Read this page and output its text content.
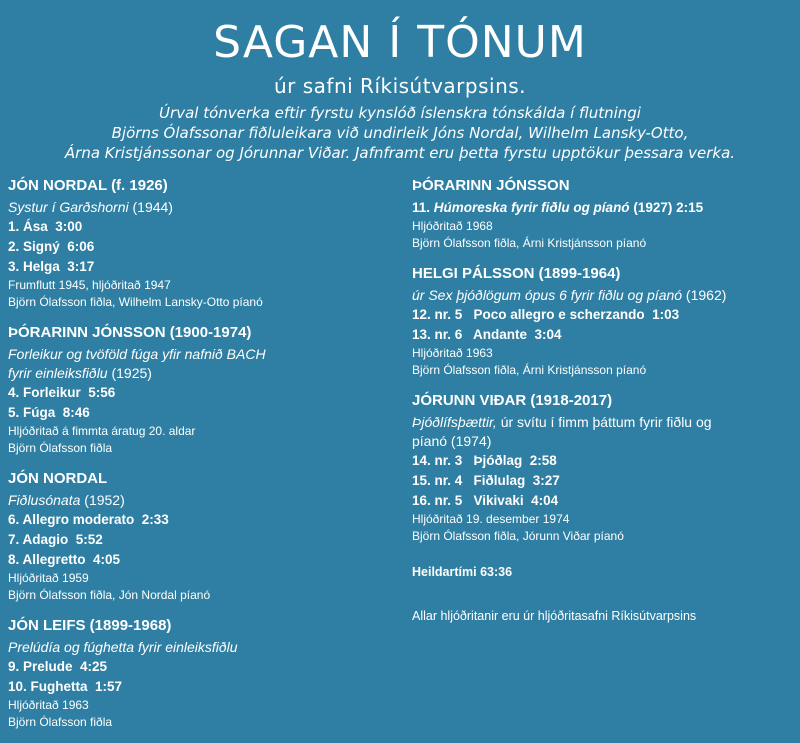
SAGAN Í TÓNUM
úr safni Ríkisútvarpsins.
Úrval tónverka eftir fyrstu kynslóð íslenskra tónskálda í flutningi
Björns Ólafssonar fiðluleikara við undirleik Jóns Nordal, Wilhelm Lansky-Otto,
Árna Kristjánssonar og Jórunnar Viðar. Jafnframt eru þetta fyrstu upptökur þessara verka.
JÓN NORDAL (f. 1926)
Systur í Garðshorni (1944)
1. Ása  3:00
2. Signý  6:06
3. Helga  3:17
Frumflutt 1945, hljóðritað 1947
Björn Ólafsson fiðla, Wilhelm Lansky-Otto píanó
ÞÓRARINN JÓNSSON (1900-1974)
Forleikur og tvöföld fúga yfir nafnið BACH
fyrir einleiksfiðlu (1925)
4. Forleikur  5:56
5. Fúga  8:46
Hljóðritað á fimmta áratug 20. aldar
Björn Ólafsson fiðla
JÓN NORDAL
Fiðlusónata (1952)
6. Allegro moderato  2:33
7. Adagio  5:52
8. Allegretto  4:05
Hljóðritað 1959
Björn Ólafsson fiðla, Jón Nordal píanó
JÓN LEIFS (1899-1968)
Prelúdía og fúghetta fyrir einleiksfiðlu
9. Prelude  4:25
10. Fughetta  1:57
Hljóðritað 1963
Björn Ólafsson fiðla
ÞÓRARINN JÓNSSON
11. Húmoreska fyrir fiðlu og píanó (1927) 2:15
Hljóðritað 1968
Björn Ólafsson fiðla, Árni Kristjánsson píanó
HELGI PÁLSSON (1899-1964)
úr Sex þjóðlögum ópus 6 fyrir fiðlu og píanó (1962)
12. nr. 5   Poco allegro e scherzando  1:03
13. nr. 6   Andante  3:04
Hljóðritað 1963
Björn Ólafsson fiðla, Árni Kristjánsson píanó
JÓRUNN VIÐAR (1918-2017)
Þjóðlífsþættir, úr svítu í fimm þáttum fyrir fiðlu og
píanó (1974)
14. nr. 3   Þjóðlag  2:58
15. nr. 4   Fiðlulag  3:27
16. nr. 5   Vikivaki  4:04
Hljóðritað 19. desember 1974
Björn Ólafsson fiðla, Jórunn Viðar píanó
Heildartími 63:36
Allar hljóðritanir eru úr hljóðritasafni Ríkisútvarpsins
